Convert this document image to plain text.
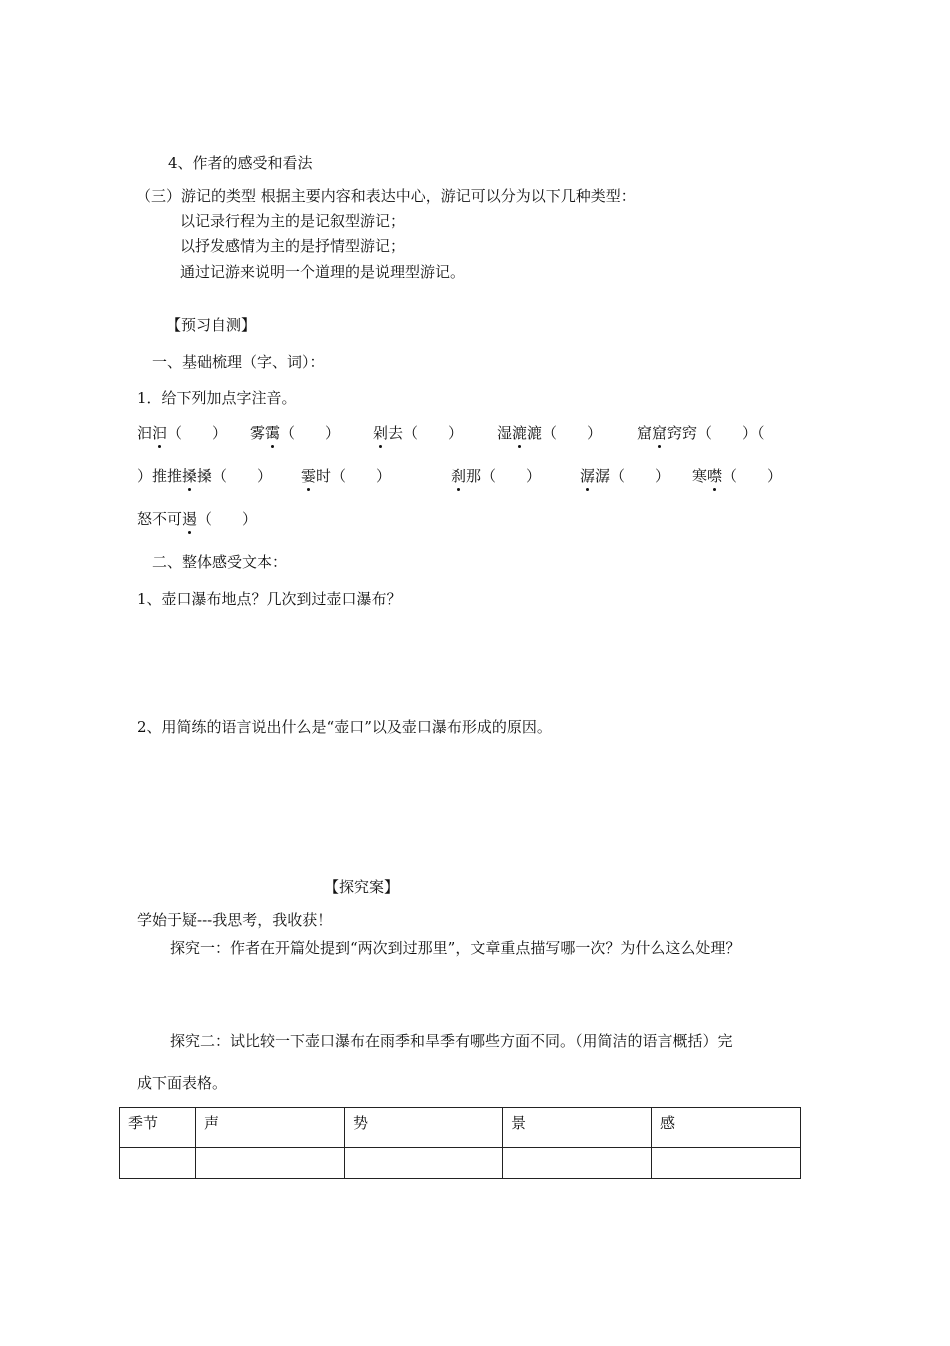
4、作者的感受和看法

（三）游记的类型 根据主要内容和表达中心，游记可以分为以下几种类型：

以记录行程为主的是记叙型游记；

以抒发感情为主的是抒情型游记；

通过记游来说明一个道理的是说理型游记。

【预习自测】

一、基础梳理（字、词）：

1．给下列加点字注音。

汩汩（　　） 雾霭（　　） 剁去（　　） 湿漉漉（　　） 窟窟窍窍（　　）（
）推推搡搡（　　） 霎时（　　）	刹那（　　）	潺潺（　　） 寒噤（　　）
怒不可遏（　　）

二、整体感受文本：

1、壶口瀑布地点？几次到过壶口瀑布？

2、用简练的语言说出什么是“壶口”以及壶口瀑布形成的原因。

【探究案】

学始于疑---我思考，我收获！

探究一：作者在开篇处提到“两次到过那里”，文章重点描写哪一次？为什么这么处理？

探究二：试比较一下壶口瀑布在雨季和旱季有哪些方面不同。（用简洁的语言概括）完

成下面表格。

季节	声	势	景	感
